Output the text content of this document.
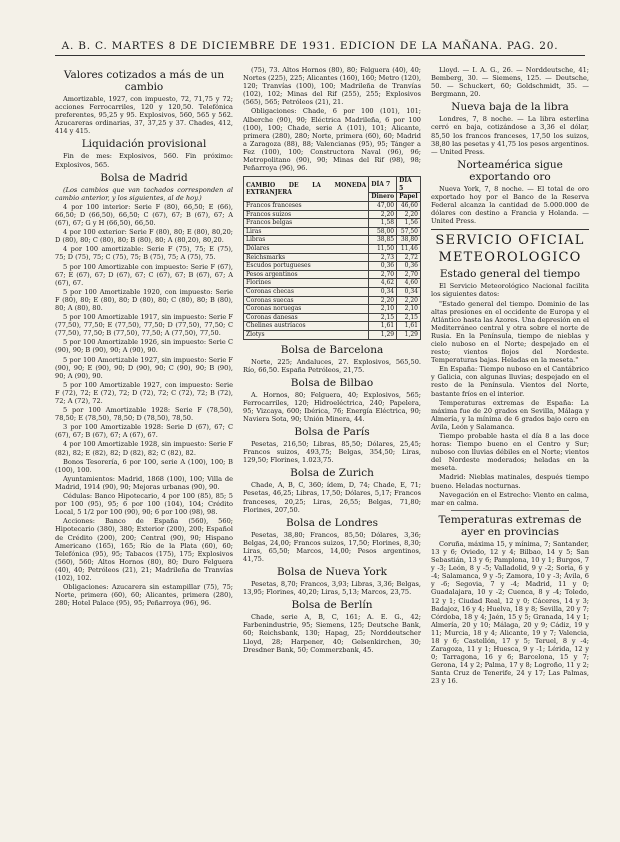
A. B. C. MARTES 8 DE DICIEMBRE DE 1931. EDICION DE LA MAÑANA. PAG. 20.
Valores cotizados a más de un cambio

Amortizable, 1927, con impuesto, 72, 71,75 y 72; acciones Ferrocarriles, 120 y 120,50. Telefónica preferentes, 95,25 y 95. Explosivos, 560, 565 y 562. Azucareras ordinarias, 37, 37,25 y 37. Chades, 412, 414 y 415.

Liquidación provisional

Fin de mes: Explosivos, 560. Fin próximo: Explosivos, 565.

Bolsa de Madrid

(Los cambios que van tachados corresponden al cambio anterior, y los siguientes, al de hoy.)

4 por 100 interior: Serie F (80), 66,50; E (66), 66,50; D (66,50), 66,50; C (67), 67; B (67), 67; A (67), 67; G y H (66,50), 66,50.

4 por 100 exterior: Serie F (80), 80; E (80), 80,20; D (80), 80; C (80), 80; B (80), 80; A (80,20), 80,20.

4 por 100 amortizable: Serie F (75), 75; E (75), 75; D (75), 75; C (75), 75; B (75), 75; A (75), 75.

5 por 100 Amortizable con impuesto: Serie F (67), 67; E (67), 67; D (67), 67; C (67), 67; B (67), 67; A (67), 67.

5 por 100 Amortizable 1920, con impuesto: Serie F (80), 80; E (80), 80; D (80), 80; C (80), 80; B (80), 80; A (80), 80.

5 por 100 Amortizable 1917, sin impuesto: Serie F (77,50), 77,50; E (77,50), 77,50; D (77,50), 77,50; C (77,50), 77,50; B (77,50), 77,50; A (77,50), 77,50.

5 por 100 Amortizable 1926, sin impuesto: Serie C (90), 90; B (90), 90; A (90), 90.

5 por 100 Amortizable 1927, sin impuesto: Serie F (90), 90; E (90), 90; D (90), 90; C (90), 90; B (90), 90; A (90), 90.

5 por 100 Amortizable 1927, con impuesto: Serie F (72), 72; E (72), 72; D (72), 72; C (72), 72; B (72), 72; A (72), 72.

5 por 100 Amortizable 1928: Serie F (78,50), 78,50; E (78,50), 78,50; D (78,50), 78,50.

3 por 100 Amortizable 1928: Serie D (67), 67; C (67), 67; B (67), 67; A (67), 67.

4 por 100 Amortizable 1928, sin impuesto: Serie F (82), 82; E (82), 82; D (82), 82; C (82), 82.

Bonos Tesorería, 6 por 100, serie A (100), 100; B (100), 100.

Ayuntamientos: Madrid, 1868 (100), 100; Villa de Madrid, 1914 (90), 90; Mejoras urbanas (90), 90.

Cédulas: Banco Hipotecario, 4 por 100 (85), 85; 5 por 100 (95), 95; 6 por 100 (104), 104; Crédito Local, 5 1/2 por 100 (90), 90; 6 por 100 (98), 98.

Acciones: Banco de España (560), 560; Hipotecario (380), 380; Exterior (200), 200; Español de Crédito (200), 200; Central (90), 90; Hispano Americano (165), 165; Río de la Plata (60), 60; Telefónica (95), 95; Tabacos (175), 175; Explosivos (560), 560; Altos Hornos (80), 80; Duro Felguera (40), 40; Petróleos (21), 21; Madrileña de Tranvías (102), 102.

Obligaciones: Azucarera sin estampillar (75), 75; Norte, primera (60), 60; Alicantes, primera (280), 280; Hotel Palace (95), 95; Peñarroya (96), 96.

(75), 73. Altos Hornos (80), 80; Felguera (40), 40; Nortes (225), 225; Alicantes (160), 160; Metro (120), 120; Tranvías (100), 100; Madrileña de Tranvías (102), 102; Minas del Rif (255), 255; Explosivos (565), 565; Petróleos (21), 21.

Obligaciones: Chade, 6 por 100 (101), 101; Alberche (90), 90; Eléctrica Madrileña, 6 por 100 (100), 100; Chade, serie A (101), 101; Alicante, primera (280), 280; Norte, primera (60), 60; Madrid a Zaragoza (88), 88; Valencianas (95), 95; Tánger a Fez (100), 100; Constructora Naval (96), 96; Metropolitano (90), 90; Minas del Rif (98), 98; Peñarroya (96), 96.

CAMBIO DE LA MONEDA EXTRANJERA	DÍA 7	DÍA 5
	Dinero	Papel
Francos franceses	47,00	46,60
Francos suizos	2,20	2,20
Francos belgas	1,58	1,56
Liras	58,00	57,50
Libras	38,85	38,80
Dólares	11,50	11,46
Reichsmarks	2,73	2,72
Escudos portugueses	0,36	0,36
Pesos argentinos	2,70	2,70
Florines	4,62	4,60
Coronas checas	0,34	0,34
Coronas suecas	2,20	2,20
Coronas noruegas	2,10	2,10
Coronas danesas	2,15	2,15
Chelines austríacos	1,61	1,61
Zlotys	1,29	1,29
Bolsa de Barcelona

Norte, 225; Andaluces, 27. Explosivos, 565,50. Río, 66,50. España Petróleos, 21,75.

Bolsa de Bilbao

A. Hornos, 80; Felguera, 40; Explosivos, 565; Ferrocarriles, 120; Hidroeléctrica, 240; Papelera, 95; Vizcaya, 600; Ibérica, 76; Energía Eléctrica, 90; Naviera Sota, 90; Unión Minera, 44.

Bolsa de París

Pesetas, 216,50; Libras, 85,50; Dólares, 25,45; Francos suizos, 493,75; Belgas, 354,50; Liras, 129,50; Florines, 1.023,75.

Bolsa de Zurich

Chade, A, B, C, 360; ídem, D, 74; Chade, E, 71; Pesetas, 46,25; Libras, 17,50; Dólares, 5,17; Francos franceses, 20,25; Liras, 26,55; Belgas, 71,80; Florines, 207,50.

Bolsa de Londres

Pesetas, 38,80; Francos, 85,50; Dólares, 3,36; Belgas, 24,00; Francos suizos, 17,50; Florines, 8,30; Liras, 65,50; Marcos, 14,00; Pesos argentinos, 41,75.

Bolsa de Nueva York

Pesetas, 8,70; Francos, 3,93; Libras, 3,36; Belgas, 13,95; Florines, 40,20; Liras, 5,13; Marcos, 23,75.

Bolsa de Berlín

Chade, serie A, B, C, 161; A. E. G., 42; Farbenindustrie, 95; Siemens, 125; Deutsche Bank, 60; Reichsbank, 130; Hapag, 25; Norddeutscher Lloyd, 28; Harpener, 40; Gelsenkirchen, 30; Dresdner Bank, 50; Commerzbank, 45.

Lloyd. — I. A. G., 26. — Norddeutsche, 41; Bemberg, 30. — Siemens, 125. — Deutsche, 50. — Schuckert, 60; Goldschmidt, 35. — Bergmann, 20.

Nueva baja de la libra

Londres, 7, 8 noche. — La libra esterlina cerró en baja, cotizándose a 3,36 el dólar, 85,50 los francos franceses, 17,50 los suizos, 38,80 las pesetas y 41,75 los pesos argentinos. — United Press.

Norteamérica sigue exportando oro

Nueva York, 7, 8 noche. — El total de oro exportado hoy por el Banco de la Reserva Federal alcanza la cantidad de 5.000.000 de dólares con destino a Francia y Holanda. — United Press.

SERVICIO OFICIAL
METEOROLOGICO
Estado general del tiempo

El Servicio Meteorológico Nacional facilita los siguientes datos:

"Estado general del tiempo. Dominio de las altas presiones en el occidente de Europa y el Atlántico hasta las Azores. Una depresión en el Mediterráneo central y otra sobre el norte de Rusia. En la Península, tiempo de nieblas y cielo nuboso en el Norte; despejado en el resto; vientos flojos del Nordeste. Temperaturas bajas. Heladas en la meseta."

En España: Tiempo nuboso en el Cantábrico y Galicia, con algunas lluvias; despejado en el resto de la Península. Vientos del Norte, bastante fríos en el interior.

Temperaturas extremas de España: La máxima fue de 20 grados en Sevilla, Málaga y Almería, y la mínima de 6 grados bajo cero en Ávila, León y Salamanca.

Tiempo probable hasta el día 8 a las doce horas: Tiempo bueno en el Centro y Sur; nuboso con lluvias débiles en el Norte; vientos del Nordeste moderados; heladas en la meseta.

Madrid: Nieblas matinales, después tiempo bueno. Heladas nocturnas.

Navegación en el Estrecho: Viento en calma, mar en calma.

Temperaturas extremas de ayer en provincias

Coruña, máxima 15, y mínima, 7; Santander, 13 y 6; Oviedo, 12 y 4; Bilbao, 14 y 5; San Sebastián, 13 y 6; Pamplona, 10 y 1; Burgos, 7 y -3; León, 8 y -5; Valladolid, 9 y -2; Soria, 6 y -4; Salamanca, 9 y -5; Zamora, 10 y -3; Ávila, 6 y -6; Segovia, 7 y -4; Madrid, 11 y 0; Guadalajara, 10 y -2; Cuenca, 8 y -4; Toledo, 12 y 1; Ciudad Real, 12 y 0; Cáceres, 14 y 3; Badajoz, 16 y 4; Huelva, 18 y 8; Sevilla, 20 y 7; Córdoba, 18 y 4; Jaén, 15 y 5; Granada, 14 y 1; Almería, 20 y 10; Málaga, 20 y 9; Cádiz, 19 y 11; Murcia, 18 y 4; Alicante, 19 y 7; Valencia, 18 y 6; Castellón, 17 y 5; Teruel, 8 y -4; Zaragoza, 11 y 1; Huesca, 9 y -1; Lérida, 12 y 0; Tarragona, 16 y 6; Barcelona, 15 y 7; Gerona, 14 y 2; Palma, 17 y 8; Logroño, 11 y 2; Santa Cruz de Tenerife, 24 y 17; Las Palmas, 23 y 16.
